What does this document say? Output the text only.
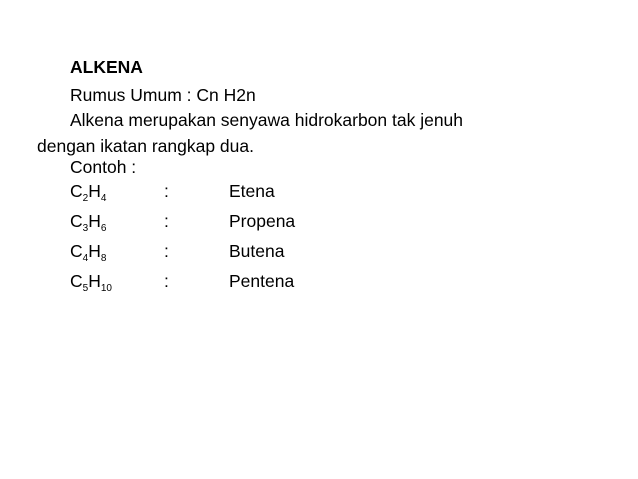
ALKENA
Rumus Umum : Cn H2n
Alkena merupakan senyawa hidrokarbon tak jenuh
dengan ikatan rangkap dua.
Contoh :
$C_2H_4$	:	Etena
$C_3H_6$	:	Propena
$C_4H_8$	:	Butena
$C_5H_{10}$	:	Pentena
